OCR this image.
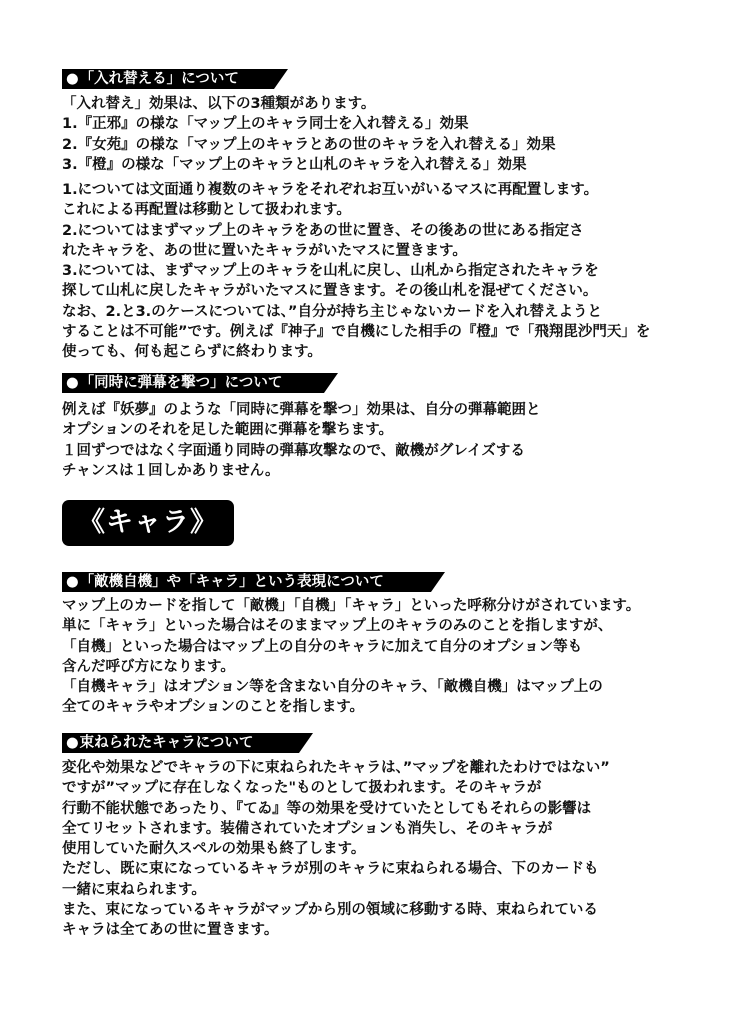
●「入れ替える」について
「入れ替え」効果は、以下の3種類があります。
1.『正邪』の様な「マップ上のキャラ同士を入れ替える」効果
2.『女苑』の様な「マップ上のキャラとあの世のキャラを入れ替える」効果
3.『橙』の様な「マップ上のキャラと山札のキャラを入れ替える」効果
1.については文面通り複数のキャラをそれぞれお互いがいるマスに再配置します。
これによる再配置は移動として扱われます。
2.についてはまずマップ上のキャラをあの世に置き、その後あの世にある指定さ
れたキャラを、あの世に置いたキャラがいたマスに置きます。
3.については、まずマップ上のキャラを山札に戻し、山札から指定されたキャラを
探して山札に戻したキャラがいたマスに置きます。その後山札を混ぜてください。
なお、2.と3.のケースについては、”自分が持ち主じゃないカードを入れ替えようと
することは不可能”です。例えば『神子』で自機にした相手の『橙』で「飛翔毘沙門天」を
使っても、何も起こらずに終わります。
●「同時に弾幕を撃つ」について
例えば『妖夢』のような「同時に弾幕を撃つ」効果は、自分の弾幕範囲と
オプションのそれを足した範囲に弾幕を撃ちます。
１回ずつではなく字面通り同時の弾幕攻撃なので、敵機がグレイズする
チャンスは１回しかありません。
《キャラ》
●「敵機自機」や「キャラ」という表現について
マップ上のカードを指して「敵機」「自機」「キャラ」といった呼称分けがされています。
単に「キャラ」といった場合はそのままマップ上のキャラのみのことを指しますが、
「自機」といった場合はマップ上の自分のキャラに加えて自分のオプション等も
含んだ呼び方になります。
「自機キャラ」はオプション等を含まない自分のキャラ、「敵機自機」はマップ上の
全てのキャラやオプションのことを指します。
●束ねられたキャラについて
変化や効果などでキャラの下に束ねられたキャラは、”マップを離れたわけではない”
ですが”マップに存在しなくなった"ものとして扱われます。そのキャラが
行動不能状態であったり、『てゐ』等の効果を受けていたとしてもそれらの影響は
全てリセットされます。装備されていたオプションも消失し、そのキャラが
使用していた耐久スペルの効果も終了します。
ただし、既に束になっているキャラが別のキャラに束ねられる場合、下のカードも
一緒に束ねられます。
また、束になっているキャラがマップから別の領域に移動する時、束ねられている
キャラは全てあの世に置きます。
